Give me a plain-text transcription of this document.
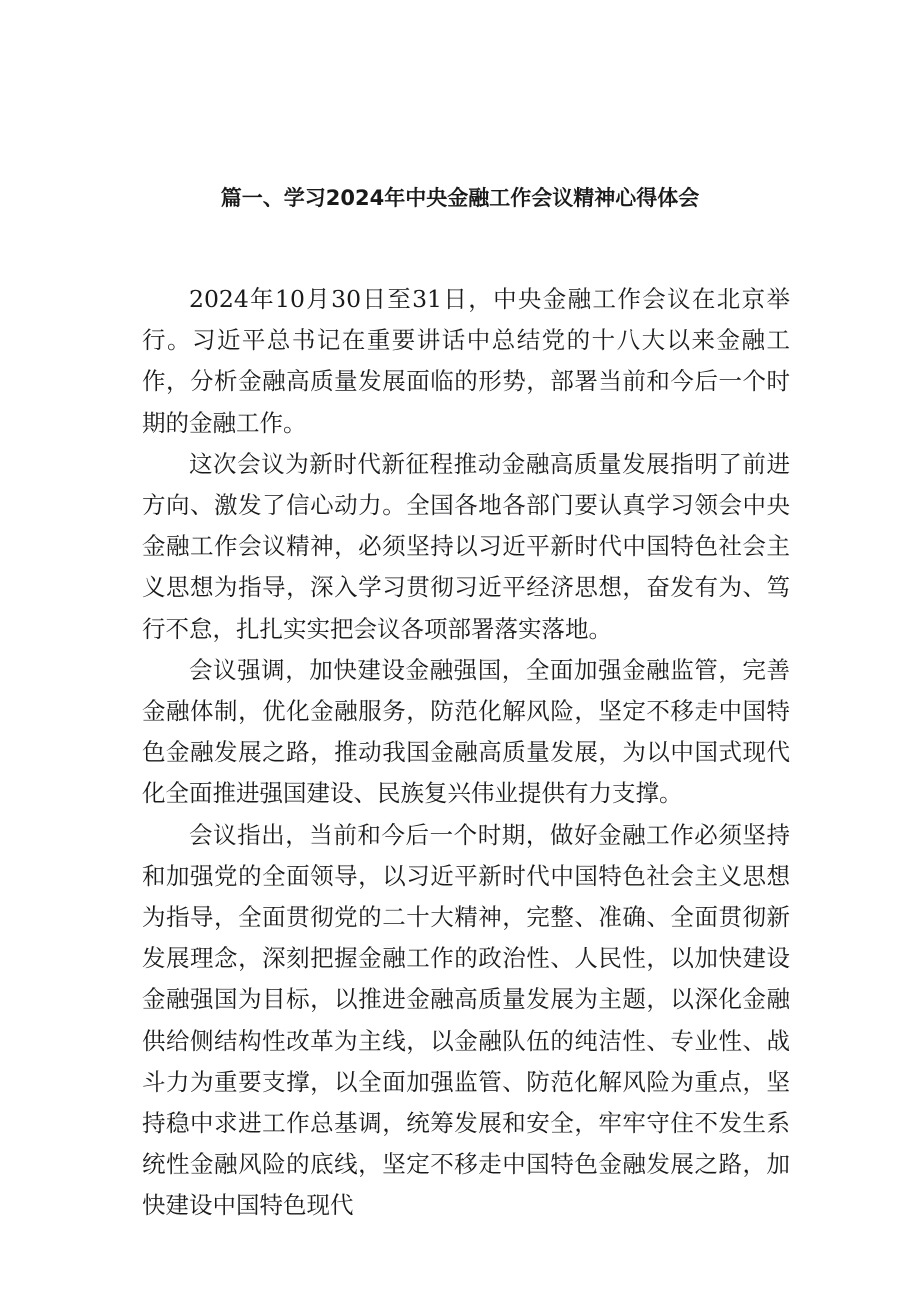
篇一、学习2024年中央金融工作会议精神心得体会

2024年10月30日至31日，中央金融工作会议在北京举行。习近平总书记在重要讲话中总结党的十八大以来金融工作，分析金融高质量发展面临的形势，部署当前和今后一个时期的金融工作。

这次会议为新时代新征程推动金融高质量发展指明了前进方向、激发了信心动力。全国各地各部门要认真学习领会中央金融工作会议精神，必须坚持以习近平新时代中国特色社会主义思想为指导，深入学习贯彻习近平经济思想，奋发有为、笃行不怠，扎扎实实把会议各项部署落实落地。

会议强调，加快建设金融强国，全面加强金融监管，完善金融体制，优化金融服务，防范化解风险，坚定不移走中国特色金融发展之路，推动我国金融高质量发展，为以中国式现代化全面推进强国建设、民族复兴伟业提供有力支撑。

会议指出，当前和今后一个时期，做好金融工作必须坚持和加强党的全面领导，以习近平新时代中国特色社会主义思想为指导，全面贯彻党的二十大精神，完整、准确、全面贯彻新发展理念，深刻把握金融工作的政治性、人民性，以加快建设金融强国为目标，以推进金融高质量发展为主题，以深化金融供给侧结构性改革为主线，以金融队伍的纯洁性、专业性、战斗力为重要支撑，以全面加强监管、防范化解风险为重点，坚持稳中求进工作总基调，统筹发展和安全，牢牢守住不发生系统性金融风险的底线，坚定不移走中国特色金融发展之路，加快建设中国特色现代
